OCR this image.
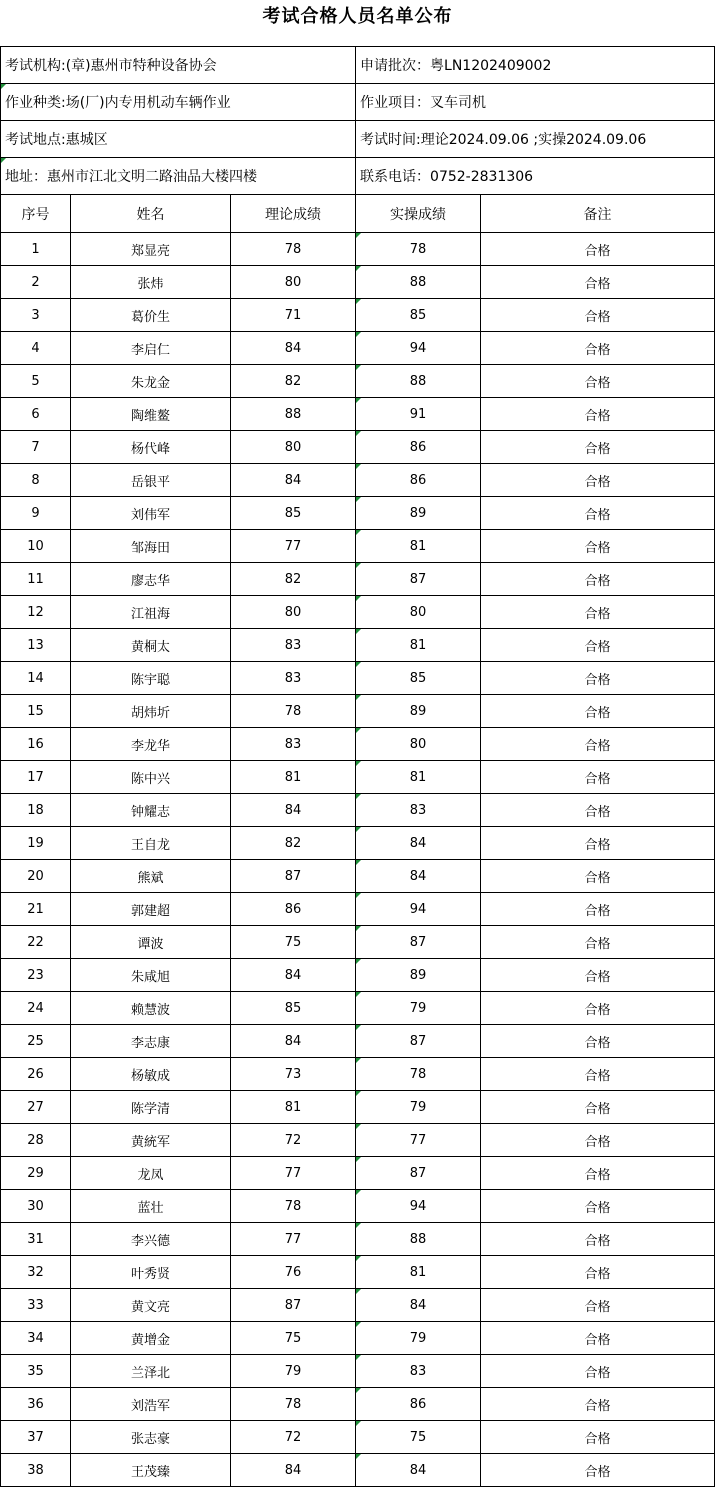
考试合格人员名单公布
考试机构:(章)惠州市特种设备协会			申请批次：粤LN1202409002	
作业种类:场(厂)内专用机动车辆作业			作业项目：叉车司机	
考试地点:惠城区			考试时间:理论2024.09.06 ;实操2024.09.06	
地址：惠州市江北文明二路油品大楼四楼			联系电话：0752-2831306	
序号	姓名	理论成绩	实操成绩	备注
1	郑显亮	78	78	合格
2	张炜	80	88	合格
3	葛价生	71	85	合格
4	李启仁	84	94	合格
5	朱龙金	82	88	合格
6	陶维鳌	88	91	合格
7	杨代峰	80	86	合格
8	岳银平	84	86	合格
9	刘伟军	85	89	合格
10	邹海田	77	81	合格
11	廖志华	82	87	合格
12	江祖海	80	80	合格
13	黄桐太	83	81	合格
14	陈宇聪	83	85	合格
15	胡炜圻	78	89	合格
16	李龙华	83	80	合格
17	陈中兴	81	81	合格
18	钟耀志	84	83	合格
19	王自龙	82	84	合格
20	熊斌	87	84	合格
21	郭建超	86	94	合格
22	谭波	75	87	合格
23	朱咸旭	84	89	合格
24	赖慧波	85	79	合格
25	李志康	84	87	合格
26	杨敏成	73	78	合格
27	陈学清	81	79	合格
28	黄統军	72	77	合格
29	龙凤	77	87	合格
30	蓝壮	78	94	合格
31	李兴德	77	88	合格
32	叶秀贤	76	81	合格
33	黄文亮	87	84	合格
34	黄增金	75	79	合格
35	兰泽北	79	83	合格
36	刘浩军	78	86	合格
37	张志豪	72	75	合格
38	王茂臻	84	84	合格
